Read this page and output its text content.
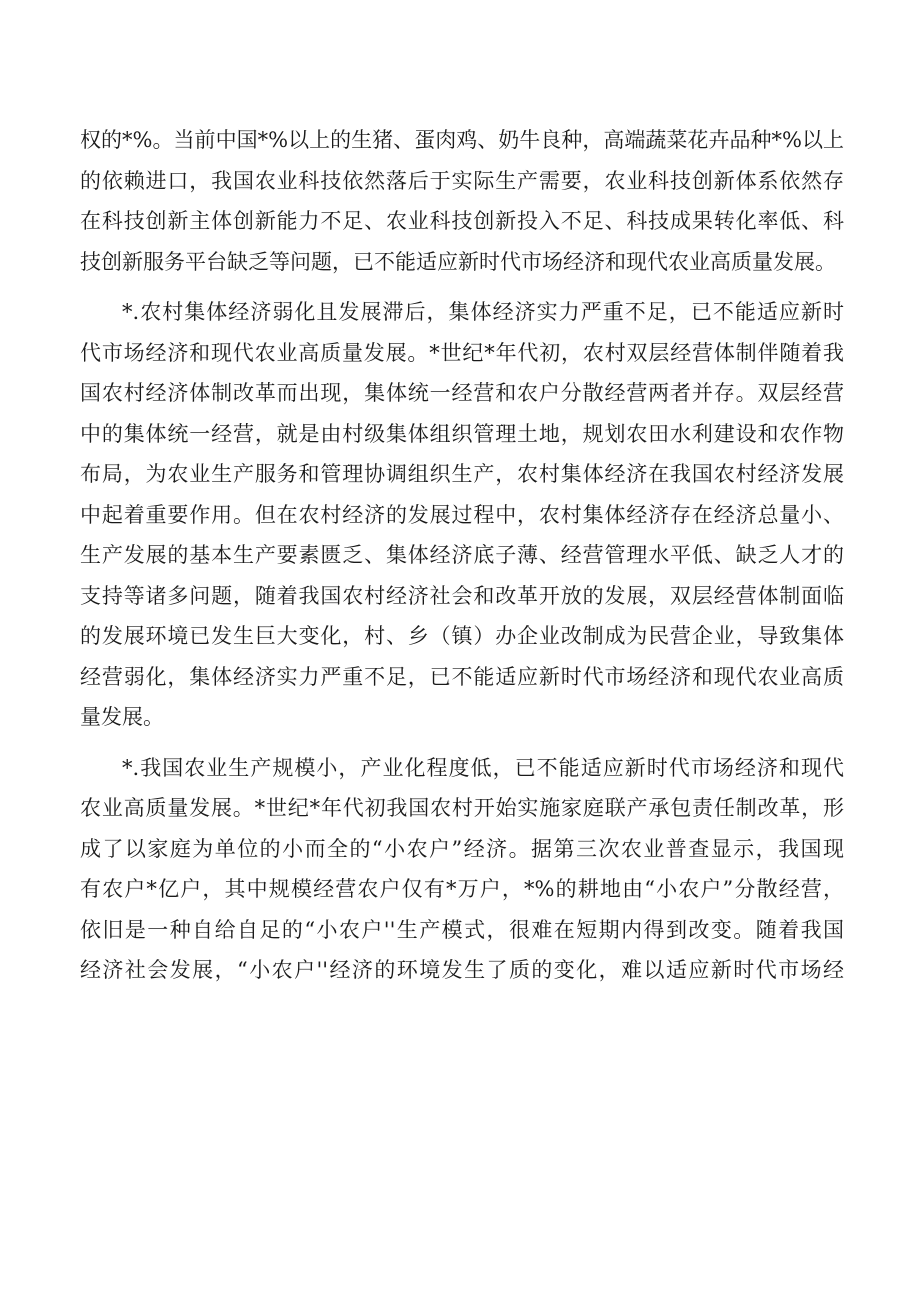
权的*%。当前中国*%以上的生猪、蛋肉鸡、奶牛良种，高端蔬菜花卉品种*%以上
的依赖进口，我国农业科技依然落后于实际生产需要，农业科技创新体系依然存
在科技创新主体创新能力不足、农业科技创新投入不足、科技成果转化率低、科
技创新服务平台缺乏等问题，已不能适应新时代市场经济和现代农业高质量发展。
*.农村集体经济弱化且发展滞后，集体经济实力严重不足，已不能适应新时
代市场经济和现代农业高质量发展。*世纪*年代初，农村双层经营体制伴随着我
国农村经济体制改革而出现，集体统一经营和农户分散经营两者并存。双层经营
中的集体统一经营，就是由村级集体组织管理土地，规划农田水利建设和农作物
布局，为农业生产服务和管理协调组织生产，农村集体经济在我国农村经济发展
中起着重要作用。但在农村经济的发展过程中，农村集体经济存在经济总量小、
生产发展的基本生产要素匮乏、集体经济底子薄、经营管理水平低、缺乏人才的
支持等诸多问题，随着我国农村经济社会和改革开放的发展，双层经营体制面临
的发展环境已发生巨大变化，村、乡（镇）办企业改制成为民营企业，导致集体
经营弱化，集体经济实力严重不足，已不能适应新时代市场经济和现代农业高质
量发展。
*.我国农业生产规模小，产业化程度低，已不能适应新时代市场经济和现代
农业高质量发展。*世纪*年代初我国农村开始实施家庭联产承包责任制改革，形
成了以家庭为单位的小而全的“小农户”经济。据第三次农业普查显示，我国现
有农户*亿户，其中规模经营农户仅有*万户，*%的耕地由“小农户”分散经营，
依旧是一种自给自足的“小农户''生产模式，很难在短期内得到改变。随着我国
经济社会发展，“小农户''经济的环境发生了质的变化，难以适应新时代市场经
